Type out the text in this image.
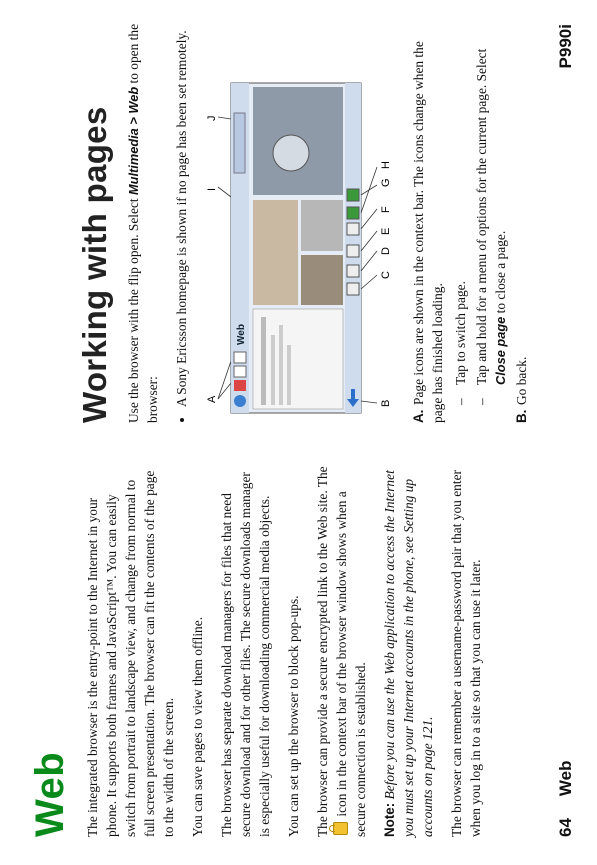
Web The integrated browser is the entry-point to the Internet in your phone. It supports both frames and JavaScript™. You can easily switch from portrait to landscape view, and change from normal to full screen presentation. The browser can fit the contents of the page to the width of the screen. You can save pages to view them offline. The browser has separate download managers for files that need secure download and for other files. The secure downloads manager is especially useful for downloading commercial media objects. You can set up the browser to block pop-ups. The browser can provide a secure encrypted link to the Web site. The icon in the context bar of the browser window shows when a secure connection is established. Note: Before you can use the Web application to access the Internet you must set up your Internet accounts in the phone, see Setting up accounts on page 121. The browser can remember a username-password pair that you enter when you log in to a site so that you can use it later.

Working with pages Use the browser with the flip open. Select Multimedia > Web to open the browser: • A Sony Ericsson homepage is shown if no page has been set remotely. A
I
J
Web
B
C
D
E
F
G
H

A.Page icons are shown in the context bar. The icons change when the page has finished loading. – Tap to switch page. – Tap and hold for a menu of options for the current page. Select Close page to close a page.

B.Go back.

64Web
P990i
